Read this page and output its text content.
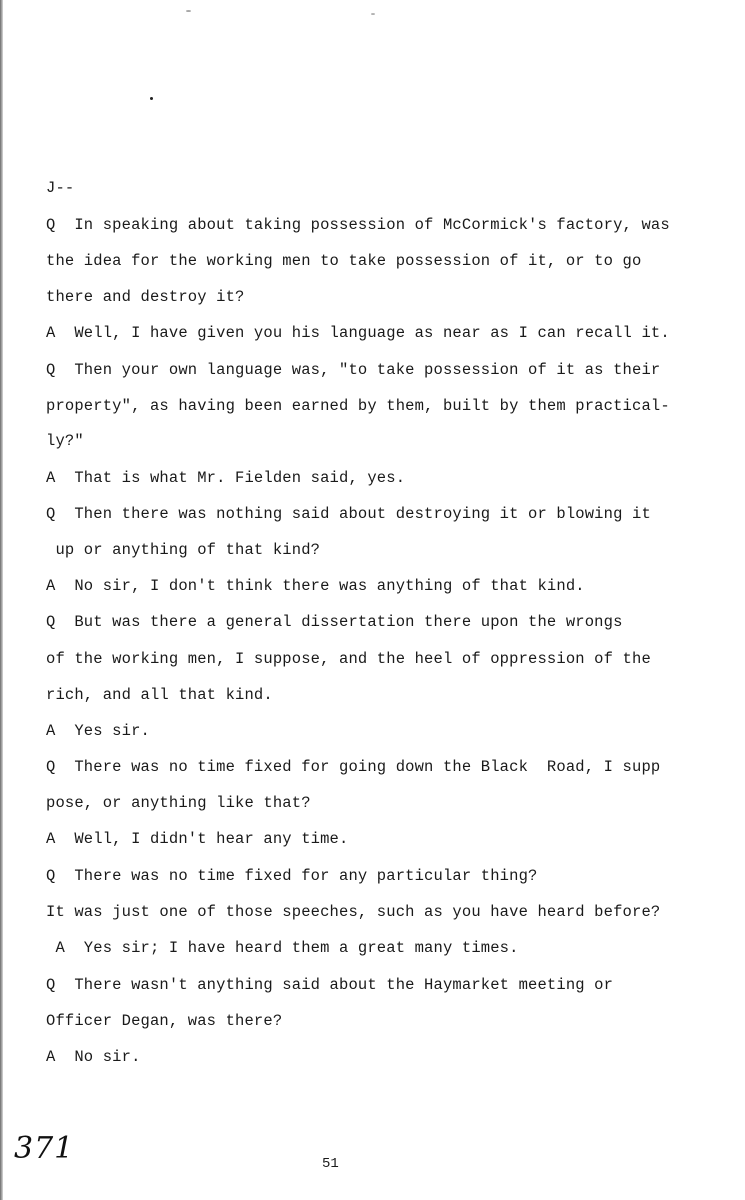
J--
Q  In speaking about taking possession of McCormick's factory, was
the idea for the working men to take possession of it, or to go
there and destroy it?
A  Well, I have given you his language as near as I can recall it.
Q  Then your own language was, "to take possession of it as their
property", as having been earned by them, built by them practical-
ly?"
A  That is what Mr. Fielden said, yes.
Q  Then there was nothing said about destroying it or blowing it
up or anything of that kind?
A  No sir, I don't think there was anything of that kind.
Q  But was there a general dissertation there upon the wrongs
of the working men, I suppose, and the heel of oppression of the
rich, and all that kind.
A  Yes sir.
Q  There was no time fixed for going down the Black  Road, I supp
pose, or anything like that?
A  Well, I didn't hear any time.
Q  There was no time fixed for any particular thing?
It was just one of those speeches, such as you have heard before?
A  Yes sir; I have heard them a great many times.
Q  There wasn't anything said about the Haymarket meeting or
Officer Degan, was there?
A  No sir.
371	51
